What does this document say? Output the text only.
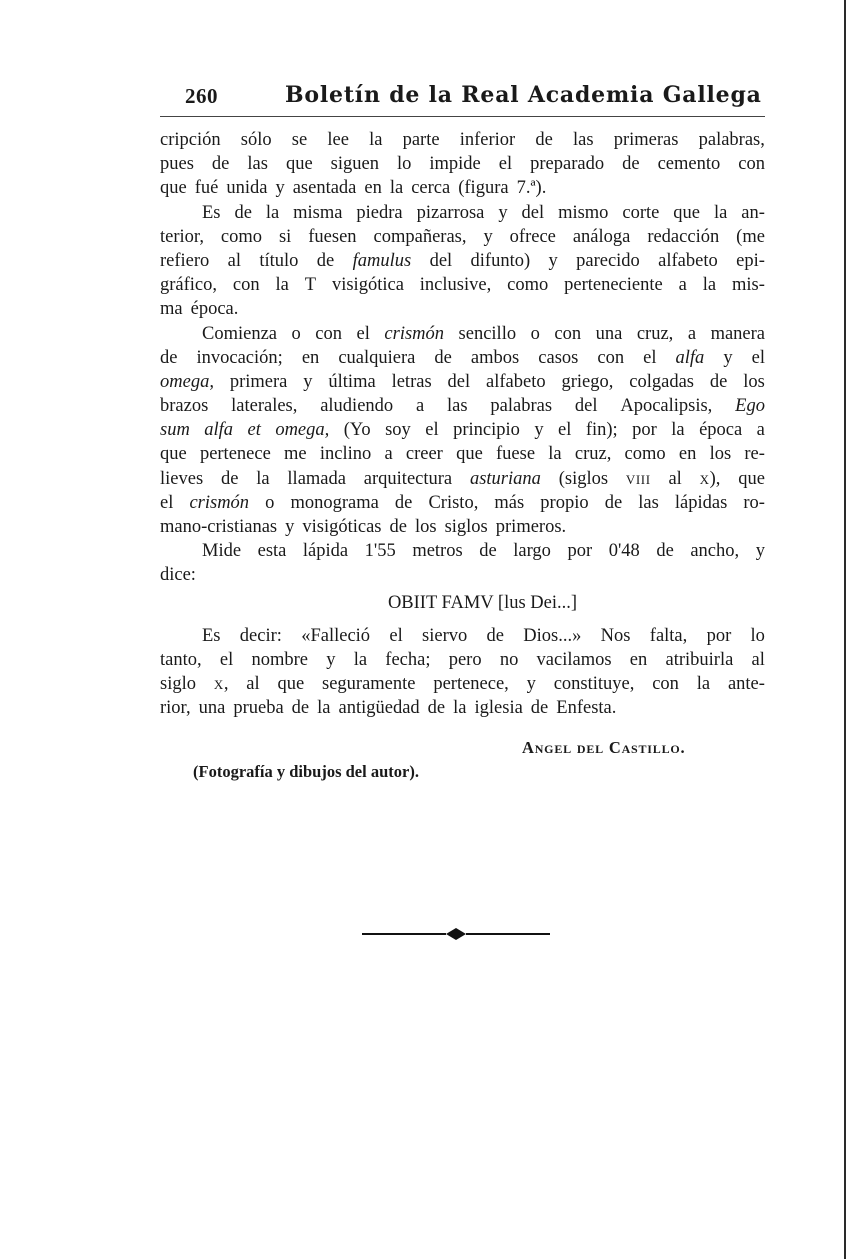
260	Boletín de la Real Academia Gallega
cripción sólo se lee la parte inferior de las primeras palabras,
pues de las que siguen lo impide el preparado de cemento con
que fué unida y asentada en la cerca (figura 7.ª).
Es de la misma piedra pizarrosa y del mismo corte que la an-
terior, como si fuesen compañeras, y ofrece análoga redacción (me
refiero al título de famulus del difunto) y parecido alfabeto epi-
gráfico, con la T visigótica inclusive, como perteneciente a la mis-
ma época.
Comienza o con el crismón sencillo o con una cruz, a manera
de invocación; en cualquiera de ambos casos con el alfa y el
omega, primera y última letras del alfabeto griego, colgadas de los
brazos laterales, aludiendo a las palabras del Apocalipsis, Ego
sum alfa et omega, (Yo soy el principio y el fin); por la época a
que pertenece me inclino a creer que fuese la cruz, como en los re-
lieves de la llamada arquitectura asturiana (siglos viii al x), que
el crismón o monograma de Cristo, más propio de las lápidas ro-
mano-cristianas y visigóticas de los siglos primeros.
Mide esta lápida 1'55 metros de largo por 0'48 de ancho, y
dice:
OBIIT FAMV [lus Dei...]
Es decir: «Falleció el siervo de Dios...» Nos falta, por lo
tanto, el nombre y la fecha; pero no vacilamos en atribuirla al
siglo x, al que seguramente pertenece, y constituye, con la ante-
rior, una prueba de la antigüedad de la iglesia de Enfesta.
Angel del Castillo.
(Fotografía y dibujos del autor).
